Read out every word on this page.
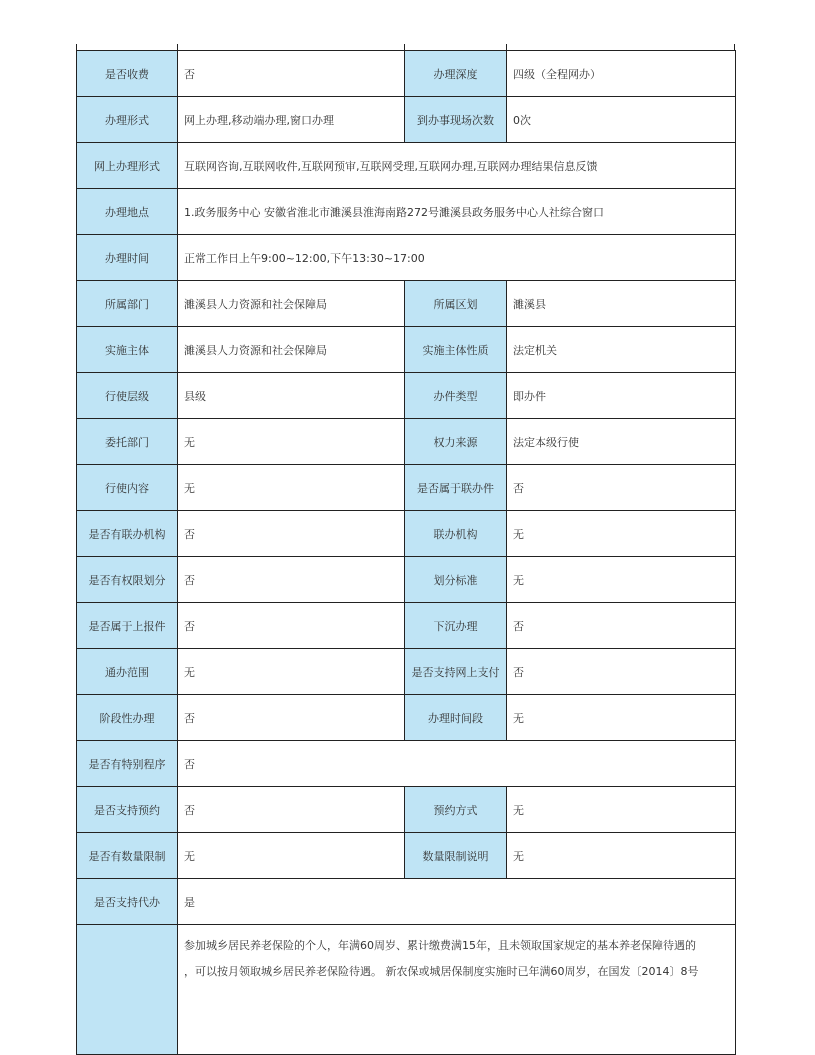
是否收费	否	办理深度	四级（全程网办）
办理形式	网上办理,移动端办理,窗口办理	到办事现场次数	0次
网上办理形式	互联网咨询,互联网收件,互联网预审,互联网受理,互联网办理,互联网办理结果信息反馈		
办理地点	1.政务服务中心 安徽省淮北市濉溪县淮海南路272号濉溪县政务服务中心人社综合窗口		
办理时间	正常工作日上午9:00~12:00,下午13:30~17:00		
所属部门	濉溪县人力资源和社会保障局	所属区划	濉溪县
实施主体	濉溪县人力资源和社会保障局	实施主体性质	法定机关
行使层级	县级	办件类型	即办件
委托部门	无	权力来源	法定本级行使
行使内容	无	是否属于联办件	否
是否有联办机构	否	联办机构	无
是否有权限划分	否	划分标准	无
是否属于上报件	否	下沉办理	否
通办范围	无	是否支持网上支付	否
阶段性办理	否	办理时间段	无
是否有特别程序	否		
是否支持预约	否	预约方式	无
是否有数量限制	无	数量限制说明	无
是否支持代办	是		

	参加城乡居民养老保险的个人，年满60周岁、累计缴费满15年，且未领取国家规定的基本养老保障待遇的
，可以按月领取城乡居民养老保险待遇。 新农保或城居保制度实施时已年满60周岁，在国发〔2014〕8号		
